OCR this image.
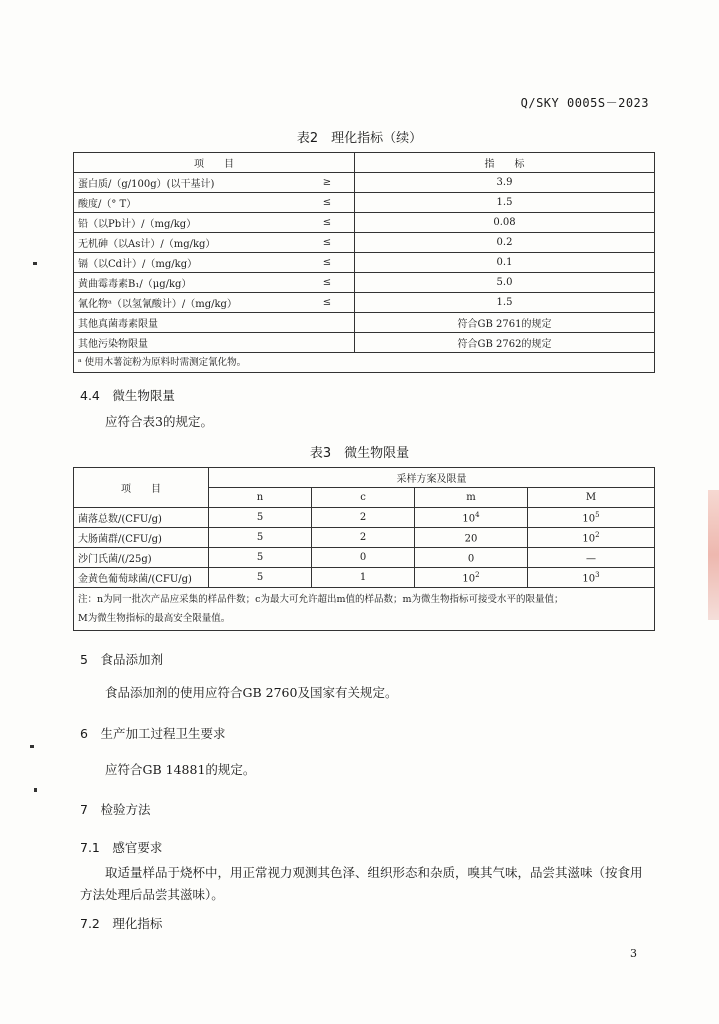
Q/SKY 0005S－2023
表2　理化指标（续）
项　　目		指　　标
蛋白质/（g/100g）(以干基计)	≥	3.9
酸度/（° T）	≤	1.5
铅（以Pb计）/（mg/kg）	≤	0.08
无机砷（以As计）/（mg/kg）	≤	0.2
镉（以Cd计）/（mg/kg）	≤	0.1
黄曲霉毒素B₁/（μg/kg）	≤	5.0
氰化物ᵃ（以氢氰酸计）/（mg/kg）	≤	1.5
其他真菌毒素限量		符合GB 2761的规定
其他污染物限量		符合GB 2762的规定
ᵃ 使用木薯淀粉为原料时需测定氰化物。		
4.4　微生物限量
应符合表3的规定。
表3　微生物限量
项　　目	采样方案及限量			
	n	c	m	M
菌落总数/(CFU/g)	5	2	$10^4$	$10^5$
大肠菌群/(CFU/g)	5	2	20	$10^2$
沙门氏菌/(/25g)	5	0	0	—
金黄色葡萄球菌/(CFU/g)	5	1	$10^2$	$10^3$

注：n为同一批次产品应采集的样品件数；c为最大可允许超出m值的样品数；m为微生物指标可接受水平的限量值；
M为微生物指标的最高安全限量值。				
5　食品添加剂
食品添加剂的使用应符合GB 2760及国家有关规定。
6　生产加工过程卫生要求
应符合GB 14881的规定。
7　检验方法
7.1　感官要求
取适量样品于烧杯中，用正常视力观测其色泽、组织形态和杂质，嗅其气味，品尝其滋味（按食用
方法处理后品尝其滋味）。
7.2　理化指标
3
